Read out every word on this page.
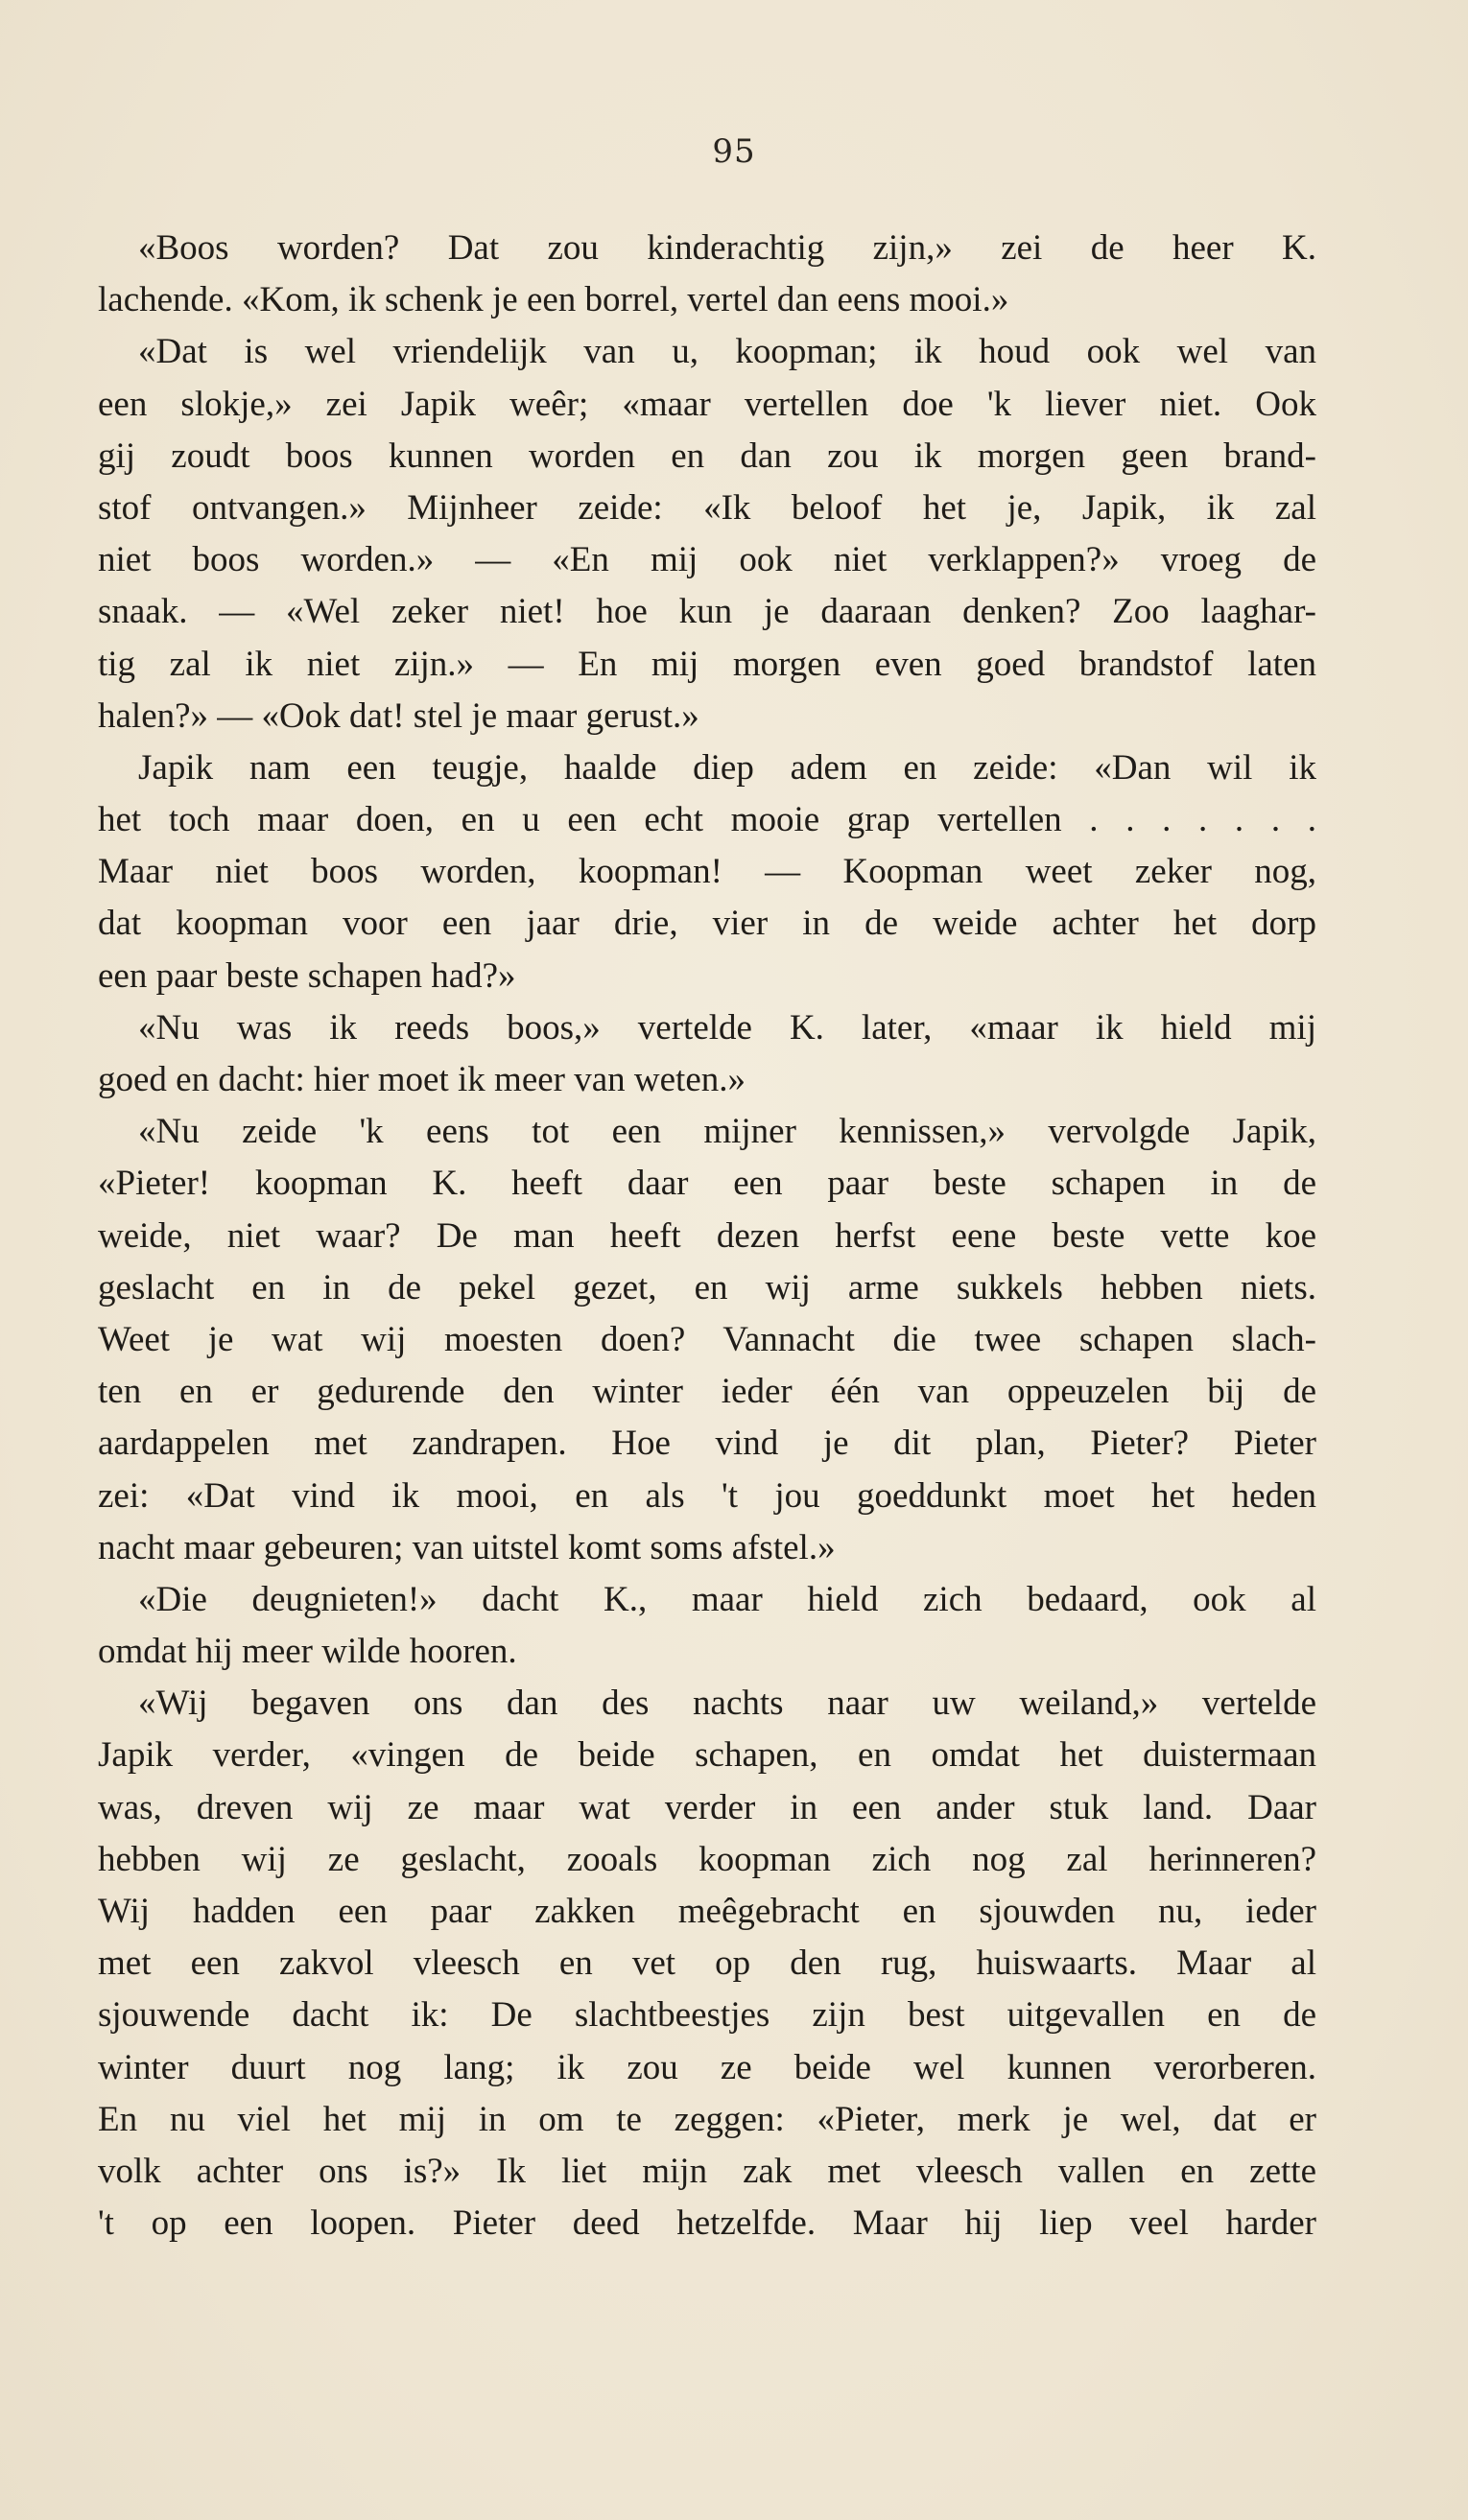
95
«Boos worden? Dat zou kinderachtig zijn,» zei de heer K.
lachende. «Kom, ik schenk je een borrel, vertel dan eens mooi.»
«Dat is wel vriendelijk van u, koopman; ik houd ook wel van
een slokje,» zei Japik weêr; «maar vertellen doe 'k liever niet. Ook
gij zoudt boos kunnen worden en dan zou ik morgen geen brand-
stof ontvangen.» Mijnheer zeide: «Ik beloof het je, Japik, ik zal
niet boos worden.» — «En mij ook niet verklappen?» vroeg de
snaak. — «Wel zeker niet! hoe kun je daaraan denken? Zoo laaghar-
tig zal ik niet zijn.» — En mij morgen even goed brandstof laten
halen?» — «Ook dat! stel je maar gerust.»
Japik nam een teugje, haalde diep adem en zeide: «Dan wil ik
het toch maar doen, en u een echt mooie grap vertellen . . . . . . .
Maar niet boos worden, koopman! — Koopman weet zeker nog,
dat koopman voor een jaar drie, vier in de weide achter het dorp
een paar beste schapen had?»
«Nu was ik reeds boos,» vertelde K. later, «maar ik hield mij
goed en dacht: hier moet ik meer van weten.»
«Nu zeide 'k eens tot een mijner kennissen,» vervolgde Japik,
«Pieter! koopman K. heeft daar een paar beste schapen in de
weide, niet waar? De man heeft dezen herfst eene beste vette koe
geslacht en in de pekel gezet, en wij arme sukkels hebben niets.
Weet je wat wij moesten doen? Vannacht die twee schapen slach-
ten en er gedurende den winter ieder één van oppeuzelen bij de
aardappelen met zandrapen. Hoe vind je dit plan, Pieter? Pieter
zei: «Dat vind ik mooi, en als 't jou goeddunkt moet het heden
nacht maar gebeuren; van uitstel komt soms afstel.»
«Die deugnieten!» dacht K., maar hield zich bedaard, ook al
omdat hij meer wilde hooren.
«Wij begaven ons dan des nachts naar uw weiland,» vertelde
Japik verder, «vingen de beide schapen, en omdat het duistermaan
was, dreven wij ze maar wat verder in een ander stuk land. Daar
hebben wij ze geslacht, zooals koopman zich nog zal herinneren?
Wij hadden een paar zakken meêgebracht en sjouwden nu, ieder
met een zakvol vleesch en vet op den rug, huiswaarts. Maar al
sjouwende dacht ik: De slachtbeestjes zijn best uitgevallen en de
winter duurt nog lang; ik zou ze beide wel kunnen verorberen.
En nu viel het mij in om te zeggen: «Pieter, merk je wel, dat er
volk achter ons is?» Ik liet mijn zak met vleesch vallen en zette
't op een loopen. Pieter deed hetzelfde. Maar hij liep veel harder
